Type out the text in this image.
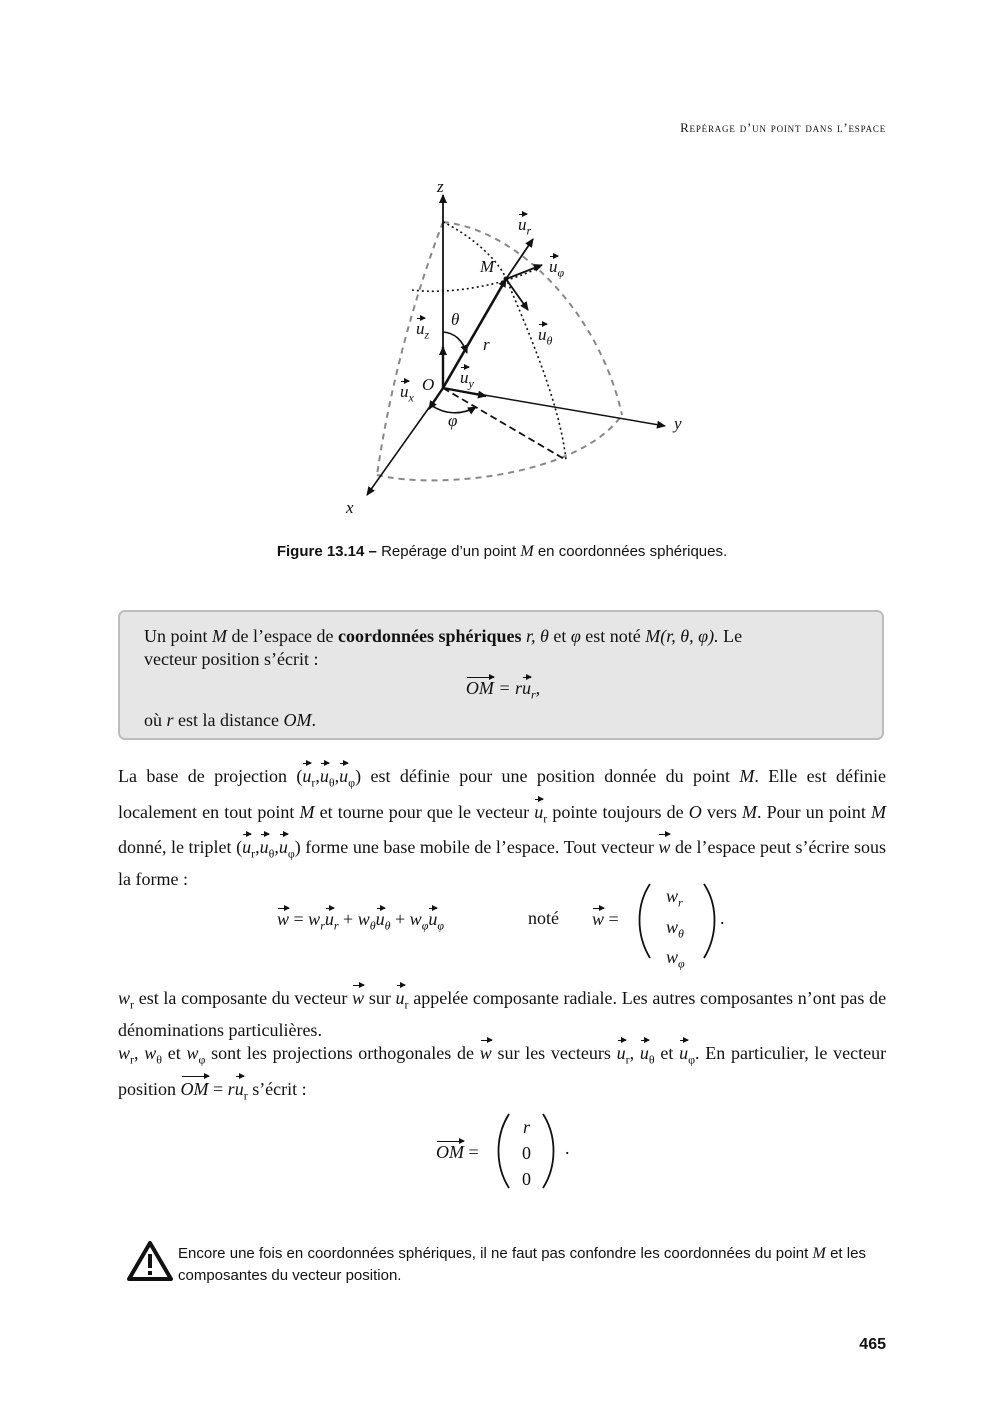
Repérage d’un point dans l’espace
z
x
y
O
M
θ
φ
r
$u_r$
$u_\varphi$
$u_\theta$
$u_z$
$u_y$
$u_x$
Figure 13.14 – Repérage d’un point M en coordonnées sphériques.
Un point M de l’espace de coordonnées sphériques r, θ et φ est noté M(r, θ, φ). Le
vecteur position s’écrit :
OM = $ru_r$,
où r est la distance OM.
La base de projection $(u_r,u_\theta,u_\varphi)$ est définie pour une position donnée du point M. Elle est définie localement en tout point M et tourne pour que le vecteur $u_r$ pointe toujours de O vers M. Pour un point M donné, le triplet $(u_r,u_\theta,u_\varphi)$ forme une base mobile de l’espace. Tout vecteur w de l’espace peut s’écrire sous la forme :
$w = w_ru_r + w_\theta u_\theta + w_\varphi u_\varphi$	noté w =
$w_r$
$w_\theta$
$w_\varphi$
.
$w_r$ est la composante du vecteur w sur $u_r$ appelée composante radiale. Les autres composantes n’ont pas de dénominations particulières.
$w_r$, $w_\theta$ et $w_\varphi$ sont les projections orthogonales de w sur les vecteurs $u_r$, $u_\theta$ et $u_\varphi$. En particulier, le vecteur position OM = $ru_r$ s’écrit :
OM =
r
0
0
.
Encore une fois en coordonnées sphériques, il ne faut pas confondre les coordonnées du point M et les composantes du vecteur position.
465
